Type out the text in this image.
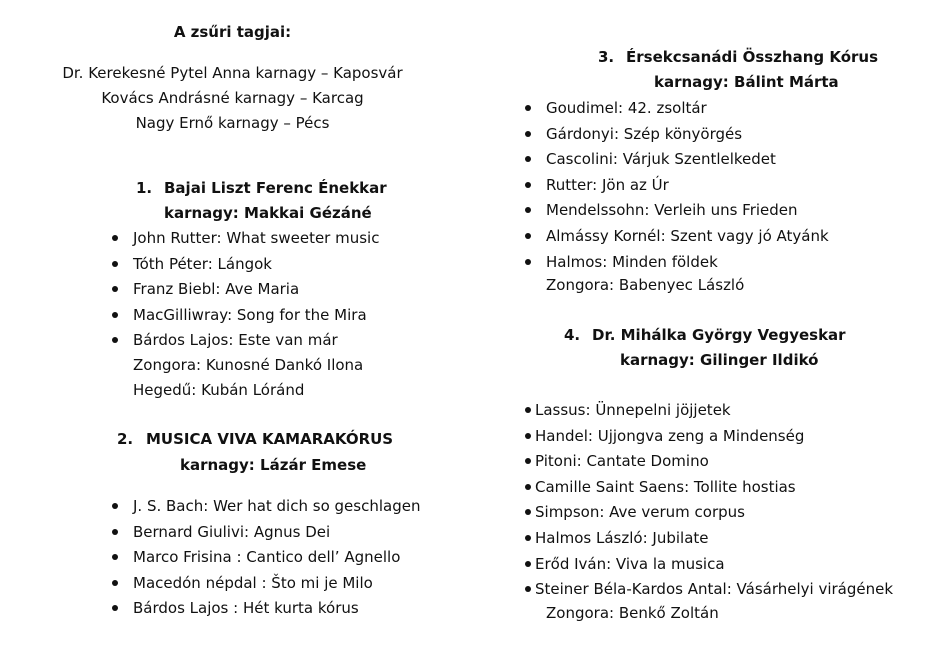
A zsűri tagjai:
Dr. Kerekesné Pytel Anna karnagy – Kaposvár
Kovács Andrásné karnagy – Karcag
Nagy Ernő karnagy – Pécs
1. Bajai Liszt Ferenc Énekkar
karnagy: Makkai Gézáné
John Rutter: What sweeter music
Tóth Péter: Lángok
Franz Biebl: Ave Maria
MacGilliwray: Song for the Mira
Bárdos Lajos: Este van már
Zongora: Kunosné Dankó Ilona
Hegedű: Kubán Lóránd
2. MUSICA VIVA KAMARAKÓRUS
karnagy: Lázár Emese
J. S. Bach: Wer hat dich so geschlagen
Bernard Giulivi: Agnus Dei
Marco Frisina : Cantico dell’ Agnello
Macedón népdal : Što mi je Milo
Bárdos Lajos : Hét kurta kórus
3. Érsekcsanádi Összhang Kórus
karnagy: Bálint Márta
Goudimel: 42. zsoltár
Gárdonyi: Szép könyörgés
Cascolini: Várjuk Szentlelkedet
Rutter: Jön az Úr
Mendelssohn: Verleih uns Frieden
Almássy Kornél: Szent vagy jó Atyánk
Halmos: Minden földek
Zongora: Babenyec László
4. Dr. Mihálka György Vegyeskar
karnagy: Gilinger Ildikó
Lassus: Ünnepelni jöjjetek
Handel: Ujjongva zeng a Mindenség
Pitoni: Cantate Domino
Camille Saint Saens: Tollite hostias
Simpson: Ave verum corpus
Halmos László: Jubilate
Erőd Iván: Viva la musica
Steiner Béla-Kardos Antal: Vásárhelyi virágének
Zongora: Benkő Zoltán
